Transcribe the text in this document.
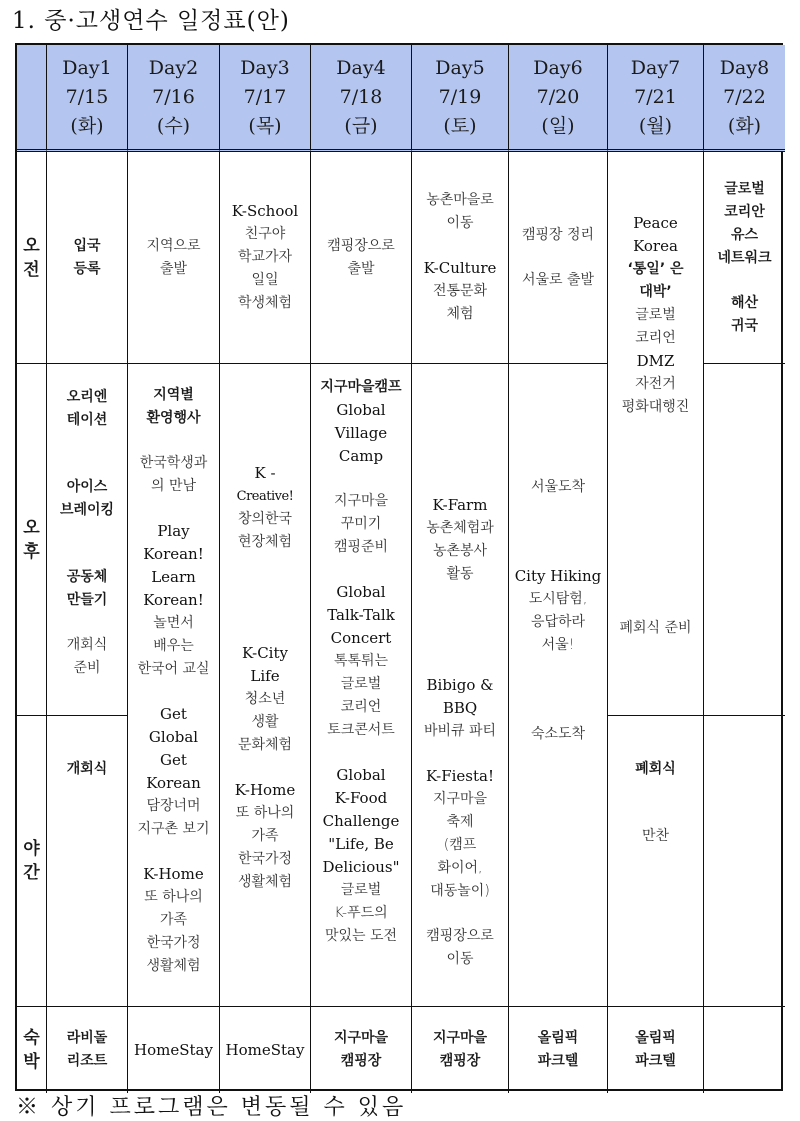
1. 중·고생연수 일정표(안)
Day1
7/15
(화)
Day2
7/16
(수)
Day3
7/17
(목)
Day4
7/18
(금)
Day5
7/19
(토)
Day6
7/20
(일)
Day7
7/21
(월)
Day8
7/22
(화)
오
전
오
후
야
간
숙
박
입국
등록
오리엔
테이션
아이스
브레이킹
공동체
만들기
개회식
준비
개회식
지역으로
출발
지역별
환영행사
한국학생과
의 만남
Play
Korean!
Learn
Korean!
놀면서
배우는
한국어 교실
Get
Global
Get
Korean
담장너머
지구촌 보기
K-Home
또 하나의
가족
한국가정
생활체험
K-School
친구야
학교가자
일일
학생체험
K -
Creative!
창의한국
현장체험
K-City
Life
청소년
생활
문화체험
K-Home
또 하나의
가족
한국가정
생활체험
캠핑장으로
출발
지구마을캠프
Global
Village
Camp
지구마을
꾸미기
캠핑준비
Global
Talk-Talk
Concert
톡톡튀는
글로벌
코리언
토크콘서트
Global
K-Food
Challenge
"Life, Be
Delicious"
글로벌
K-푸드의
맛있는 도전
농촌마을로
이동
K-Culture
전통문화
체험
K-Farm
농촌체험과
농촌봉사
활동
Bibigo &
BBQ
바비큐 파티
K-Fiesta!
지구마을
축제
(캠프
화이어,
대동놀이)
캠핑장으로
이동
캠핑장 정리
서울로 출발
서울도착
City Hiking
도시탐험,
응답하라
서울!
숙소도착
Peace
Korea
‘통일’ 은
대박’
글로벌
코리언
DMZ
자전거
평화대행진
폐회식 준비
폐회식
만찬
글로벌
코리안
유스
네트워크
해산
귀국
라비돌
리조트
HomeStay HomeStay
지구마을
캠핑장
지구마을
캠핑장
올림픽
파크텔
올림픽
파크텔
※ 상기 프로그램은 변동될 수 있음
